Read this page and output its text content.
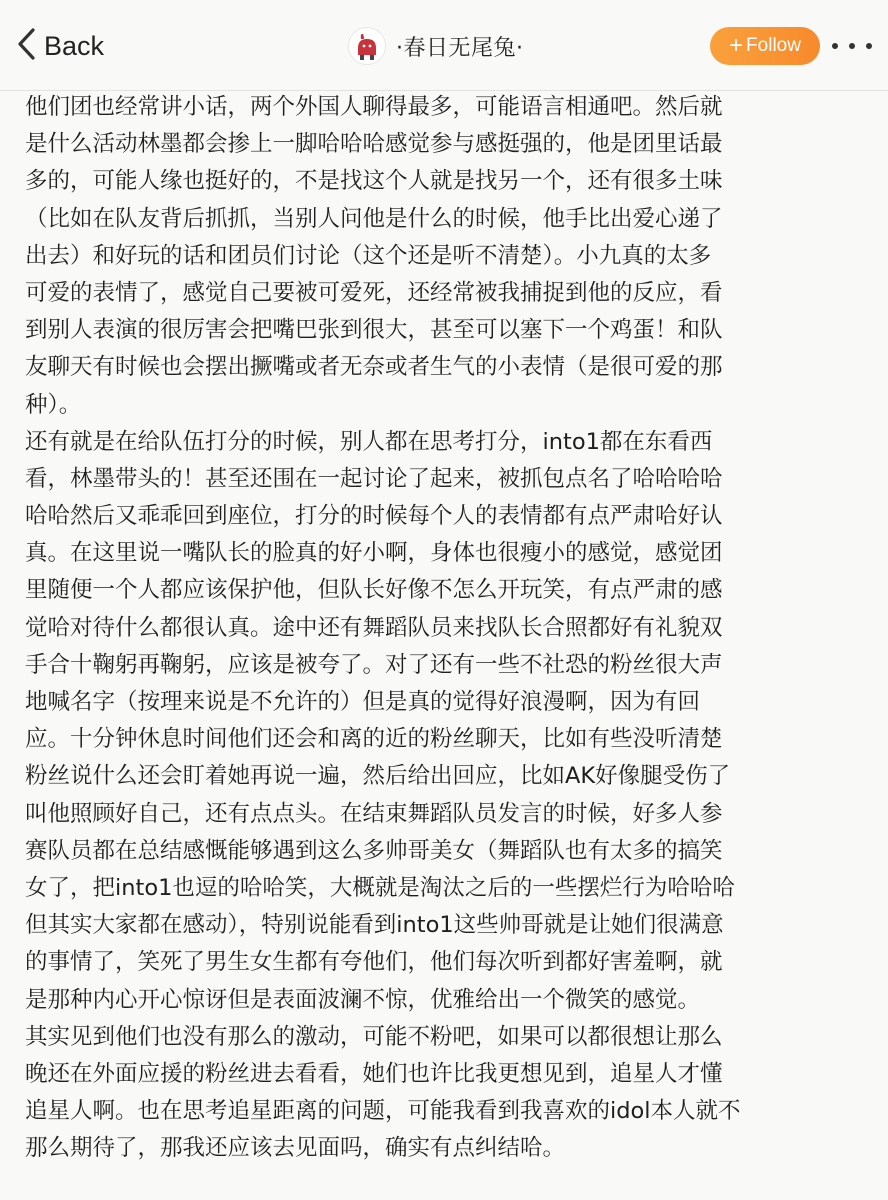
Back	·春日无尾兔·	+ Follow
他们团也经常讲小话，两个外国人聊得最多，可能语言相通吧。然后就
是什么活动林墨都会掺上一脚哈哈哈感觉参与感挺强的，他是团里话最
多的，可能人缘也挺好的，不是找这个人就是找另一个，还有很多土味
（比如在队友背后抓抓，当别人问他是什么的时候，他手比出爱心递了
出去）和好玩的话和团员们讨论（这个还是听不清楚）。小九真的太多
可爱的表情了，感觉自己要被可爱死，还经常被我捕捉到他的反应，看
到别人表演的很厉害会把嘴巴张到很大，甚至可以塞下一个鸡蛋！和队
友聊天有时候也会摆出撅嘴或者无奈或者生气的小表情（是很可爱的那
种）。
还有就是在给队伍打分的时候，别人都在思考打分，into1都在东看西
看，林墨带头的！甚至还围在一起讨论了起来，被抓包点名了哈哈哈哈
哈哈然后又乖乖回到座位，打分的时候每个人的表情都有点严肃哈好认
真。在这里说一嘴队长的脸真的好小啊，身体也很瘦小的感觉，感觉团
里随便一个人都应该保护他，但队长好像不怎么开玩笑，有点严肃的感
觉哈对待什么都很认真。途中还有舞蹈队员来找队长合照都好有礼貌双
手合十鞠躬再鞠躬，应该是被夸了。对了还有一些不社恐的粉丝很大声
地喊名字（按理来说是不允许的）但是真的觉得好浪漫啊，因为有回
应。十分钟休息时间他们还会和离的近的粉丝聊天，比如有些没听清楚
粉丝说什么还会盯着她再说一遍，然后给出回应，比如AK好像腿受伤了
叫他照顾好自己，还有点点头。在结束舞蹈队员发言的时候，好多人参
赛队员都在总结感慨能够遇到这么多帅哥美女（舞蹈队也有太多的搞笑
女了，把into1也逗的哈哈笑，大概就是淘汰之后的一些摆烂行为哈哈哈
但其实大家都在感动），特别说能看到into1这些帅哥就是让她们很满意
的事情了，笑死了男生女生都有夸他们，他们每次听到都好害羞啊，就
是那种内心开心惊讶但是表面波澜不惊，优雅给出一个微笑的感觉。
其实见到他们也没有那么的激动，可能不粉吧，如果可以都很想让那么
晚还在外面应援的粉丝进去看看，她们也许比我更想见到，追星人才懂
追星人啊。也在思考追星距离的问题，可能我看到我喜欢的idol本人就不
那么期待了，那我还应该去见面吗，确实有点纠结哈。
